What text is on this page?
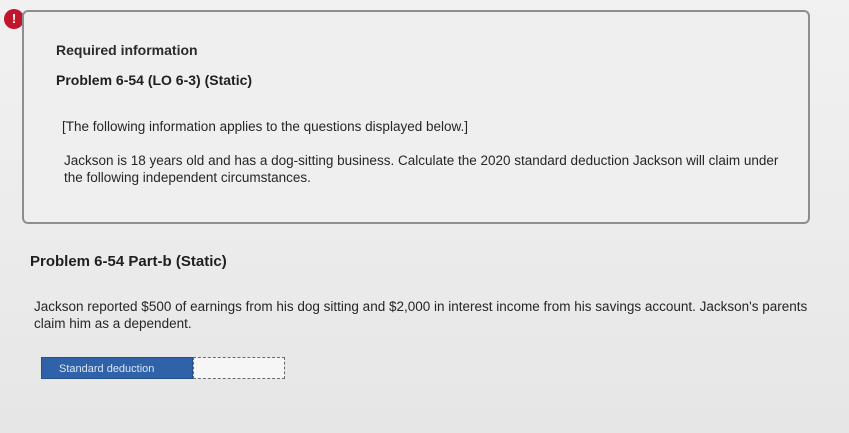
!
Required information
Problem 6-54 (LO 6-3) (Static)
[The following information applies to the questions displayed below.]
Jackson is 18 years old and has a dog-sitting business. Calculate the 2020 standard deduction Jackson will claim under the following independent circumstances.
Problem 6-54 Part-b (Static)
Jackson reported $500 of earnings from his dog sitting and $2,000 in interest income from his savings account. Jackson's parents claim him as a dependent.
Standard deduction
